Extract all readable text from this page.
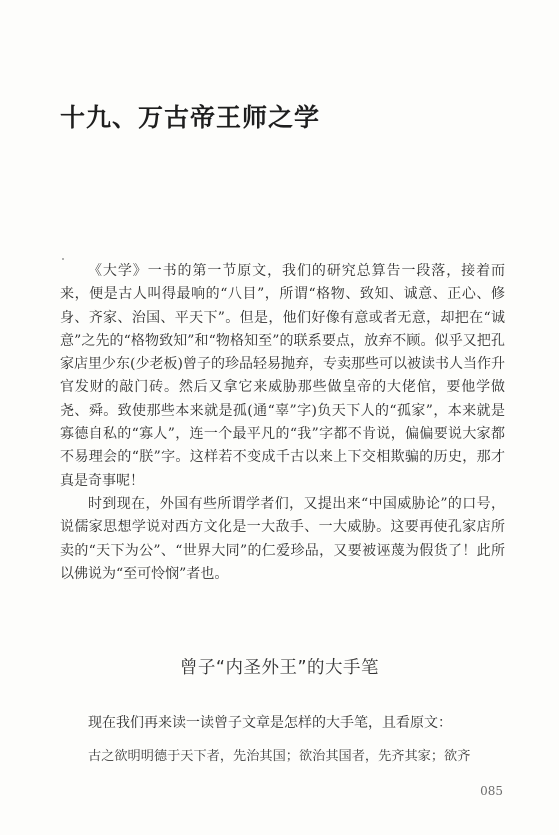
十九、万古帝王师之学

《大学》一书的第一节原文，我们的研究总算告一段落，接着而来，便是古人叫得最响的“八目”，所谓“格物、致知、诚意、正心、修身、齐家、治国、平天下”。但是，他们好像有意或者无意，却把在“诚意”之先的“格物致知”和“物格知至”的联系要点，放弃不顾。似乎又把孔家店里少东(少老板)曾子的珍品轻易抛弃，专卖那些可以被读书人当作升官发财的敲门砖。然后又拿它来威胁那些做皇帝的大佬倌，要他学做尧、舜。致使那些本来就是孤(通“辜”字)负天下人的“孤家”，本来就是寡德自私的“寡人”，连一个最平凡的“我”字都不肯说，偏偏要说大家都不易理会的“朕”字。这样若不变成千古以来上下交相欺骗的历史，那才真是奇事呢！

时到现在，外国有些所谓学者们，又提出来“中国威胁论”的口号，说儒家思想学说对西方文化是一大敌手、一大威胁。这要再使孔家店所卖的“天下为公”、“世界大同”的仁爱珍品，又要被诬蔑为假货了！此所以佛说为“至可怜悯”者也。

曾子“内圣外王”的大手笔

现在我们再来读一读曾子文章是怎样的大手笔，且看原文：

古之欲明明德于天下者，先治其国；欲治其国者，先齐其家；欲齐

085
